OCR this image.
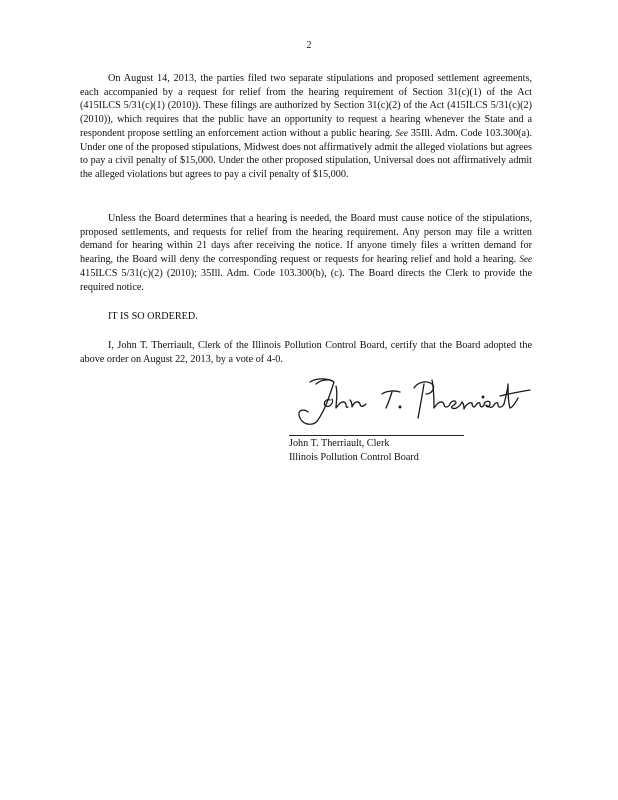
2
On August 14, 2013, the parties filed two separate stipulations and proposed settlement agreements, each accompanied by a request for relief from the hearing requirement of Section 31(c)(1) of the Act (415ILCS 5/31(c)(1) (2010)). These filings are authorized by Section 31(c)(2) of the Act (415ILCS 5/31(c)(2) (2010)), which requires that the public have an opportunity to request a hearing whenever the State and a respondent propose settling an enforcement action without a public hearing. See 35Ill. Adm. Code 103.300(a). Under one of the proposed stipulations, Midwest does not affirmatively admit the alleged violations but agrees to pay a civil penalty of $15,000. Under the other proposed stipulation, Universal does not affirmatively admit the alleged violations but agrees to pay a civil penalty of $15,000.
Unless the Board determines that a hearing is needed, the Board must cause notice of the stipulations, proposed settlements, and requests for relief from the hearing requirement. Any person may file a written demand for hearing within 21 days after receiving the notice. If anyone timely files a written demand for hearing, the Board will deny the corresponding request or requests for hearing relief and hold a hearing. See 415ILCS 5/31(c)(2) (2010); 35Ill. Adm. Code 103.300(b), (c). The Board directs the Clerk to provide the required notice.
IT IS SO ORDERED.
I, John T. Therriault, Clerk of the Illinois Pollution Control Board, certify that the Board adopted the above order on August 22, 2013, by a vote of 4-0.
John T. Therriault, Clerk
Illinois Pollution Control Board
